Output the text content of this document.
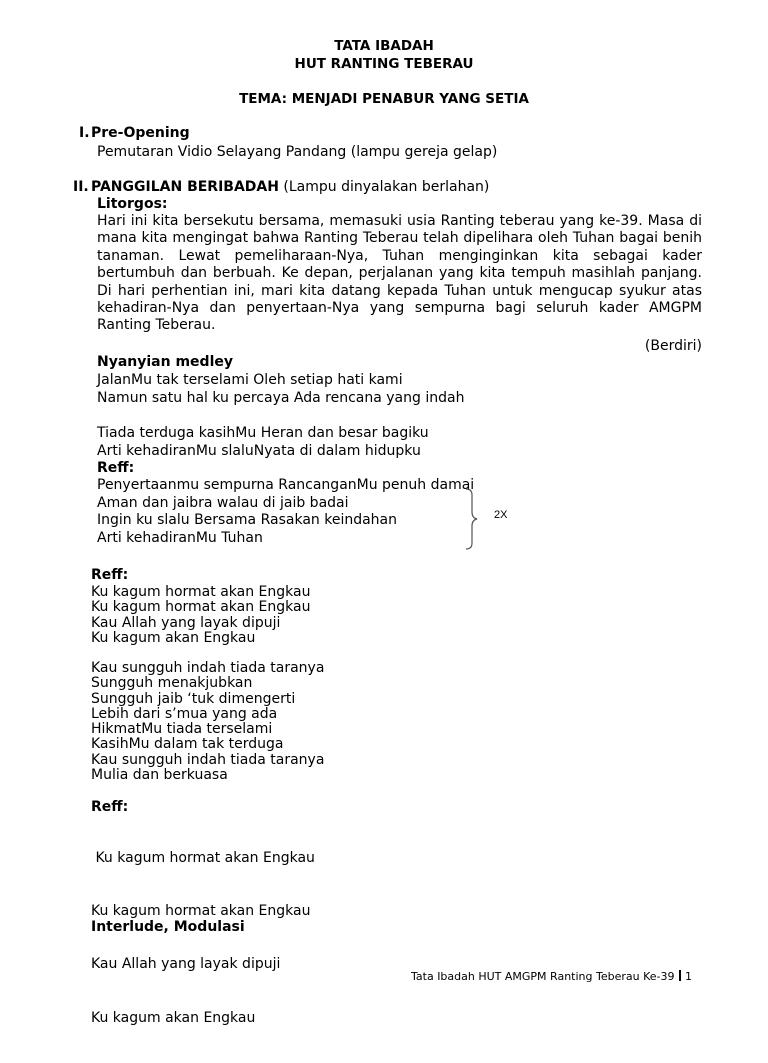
TATA IBADAH
HUT RANTING TEBERAU
TEMA: MENJADI PENABUR YANG SETIA
I. Pre-Opening
Pemutaran Vidio Selayang Pandang (lampu gereja gelap)
II. PANGGILAN BERIBADAH (Lampu dinyalakan berlahan)
Litorgos:
Hari ini kita bersekutu bersama, memasuki usia Ranting teberau yang ke-39. Masa di mana kita mengingat bahwa Ranting Teberau telah dipelihara oleh Tuhan bagai benih tanaman. Lewat pemeliharaan-Nya, Tuhan menginginkan kita sebagai kader bertumbuh dan berbuah. Ke depan, perjalanan yang kita tempuh masihlah panjang. Di hari perhentian ini, mari kita datang kepada Tuhan untuk mengucap syukur atas kehadiran-Nya dan penyertaan-Nya yang sempurna bagi seluruh kader AMGPM Ranting Teberau.
(Berdiri)
Nyanyian medley
JalanMu tak terselami Oleh setiap hati kami
Namun satu hal ku percaya Ada rencana yang indah
Tiada terduga kasihMu Heran dan besar bagiku
Arti kehadiranMu slaluNyata di dalam hidupku
Reff:
Penyertaanmu sempurna RancanganMu penuh damai
Aman dan jaibra walau di jaib badai
Ingin ku slalu Bersama Rasakan keindahan
Arti kehadiranMu Tuhan
2X
Reff:
Ku kagum hormat akan Engkau
Ku kagum hormat akan Engkau
Kau Allah yang layak dipuji
Ku kagum akan Engkau
Kau sungguh indah tiada taranya
Sungguh menakjubkan
Sungguh jaib ‘tuk dimengerti
Lebih dari s’mua yang ada
HikmatMu tiada terselami
KasihMu dalam tak terduga
Kau sungguh indah tiada taranya
Mulia dan berkuasa
Reff:

Ku kagum hormat akan Engkau

Ku kagum hormat akan Engkau

Kau Allah yang layak dipuji

Ku kagum akan Engkau

Interlude, Modulasi
Tata Ibadah HUT AMGPM Ranting Teberau Ke-39 1
